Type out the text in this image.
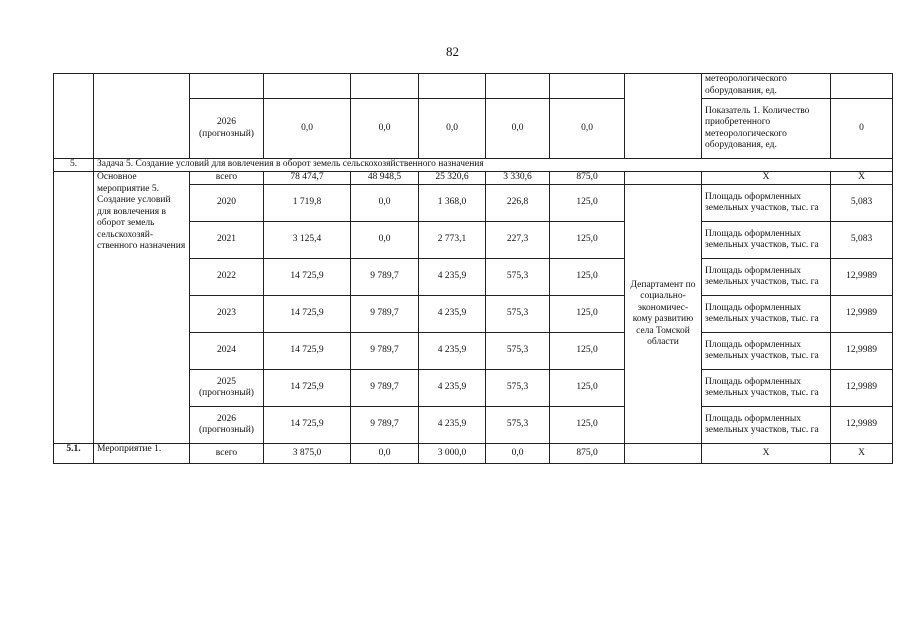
82
									метеорологического оборудования, ед.	
		2026 (прогнозный)	0,0	0,0	0,0	0,0	0,0		Показатель 1. Количество приобретенного метеорологического оборудования, ед.	0
5.	Задача 5. Создание условий для вовлечения в оборот земель сельскохозяйственного назначения									
	Основное мероприятие 5. Создание условий для вовлечения в оборот земель сельскохозяй- ственного назначения	всего	78 474,7	48 948,5	25 320,6	3 330,6	875,0		Х	Х
		2020	1 719,8	0,0	1 368,0	226,8	125,0	Департамент по социально- экономичес- кому развитию села Томской области	Площадь оформленных земельных участков, тыс. га	5,083
		2021	3 125,4	0,0	2 773,1	227,3	125,0		Площадь оформленных земельных участков, тыс. га	5,083
		2022	14 725,9	9 789,7	4 235,9	575,3	125,0		Площадь оформленных земельных участков, тыс. га	12,9989
		2023	14 725,9	9 789,7	4 235,9	575,3	125,0		Площадь оформленных земельных участков, тыс. га	12,9989
		2024	14 725,9	9 789,7	4 235,9	575,3	125,0		Площадь оформленных земельных участков, тыс. га	12,9989
		2025 (прогнозный)	14 725,9	9 789,7	4 235,9	575,3	125,0		Площадь оформленных земельных участков, тыс. га	12,9989
		2026 (прогнозный)	14 725,9	9 789,7	4 235,9	575,3	125,0		Площадь оформленных земельных участков, тыс. га	12,9989
5.1.	Мероприятие 1.	всего	3 875,0	0,0	3 000,0	0,0	875,0		Х	Х
